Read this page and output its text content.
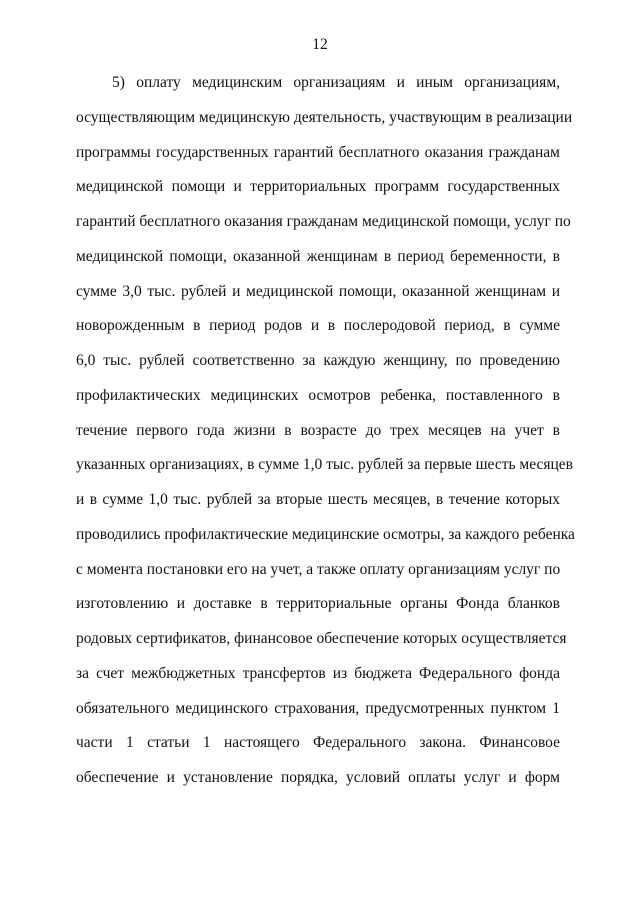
12
5) оплату медицинским организациям и иным организациям,
осуществляющим медицинскую деятельность, участвующим в реализации
программы государственных гарантий бесплатного оказания гражданам
медицинской помощи и территориальных программ государственных
гарантий бесплатного оказания гражданам медицинской помощи, услуг по
медицинской помощи, оказанной женщинам в период беременности, в
сумме 3,0 тыс. рублей и медицинской помощи, оказанной женщинам и
новорожденным в период родов и в послеродовой период, в сумме
6,0 тыс. рублей соответственно за каждую женщину, по проведению
профилактических медицинских осмотров ребенка, поставленного в
течение первого года жизни в возрасте до трех месяцев на учет в
указанных организациях, в сумме 1,0 тыс. рублей за первые шесть месяцев
и в сумме 1,0 тыс. рублей за вторые шесть месяцев, в течение которых
проводились профилактические медицинские осмотры, за каждого ребенка
с момента постановки его на учет, а также оплату организациям услуг по
изготовлению и доставке в территориальные органы Фонда бланков
родовых сертификатов, финансовое обеспечение которых осуществляется
за счет межбюджетных трансфертов из бюджета Федерального фонда
обязательного медицинского страхования, предусмотренных пунктом 1
части 1 статьи 1 настоящего Федерального закона. Финансовое
обеспечение и установление порядка, условий оплаты услуг и форм
